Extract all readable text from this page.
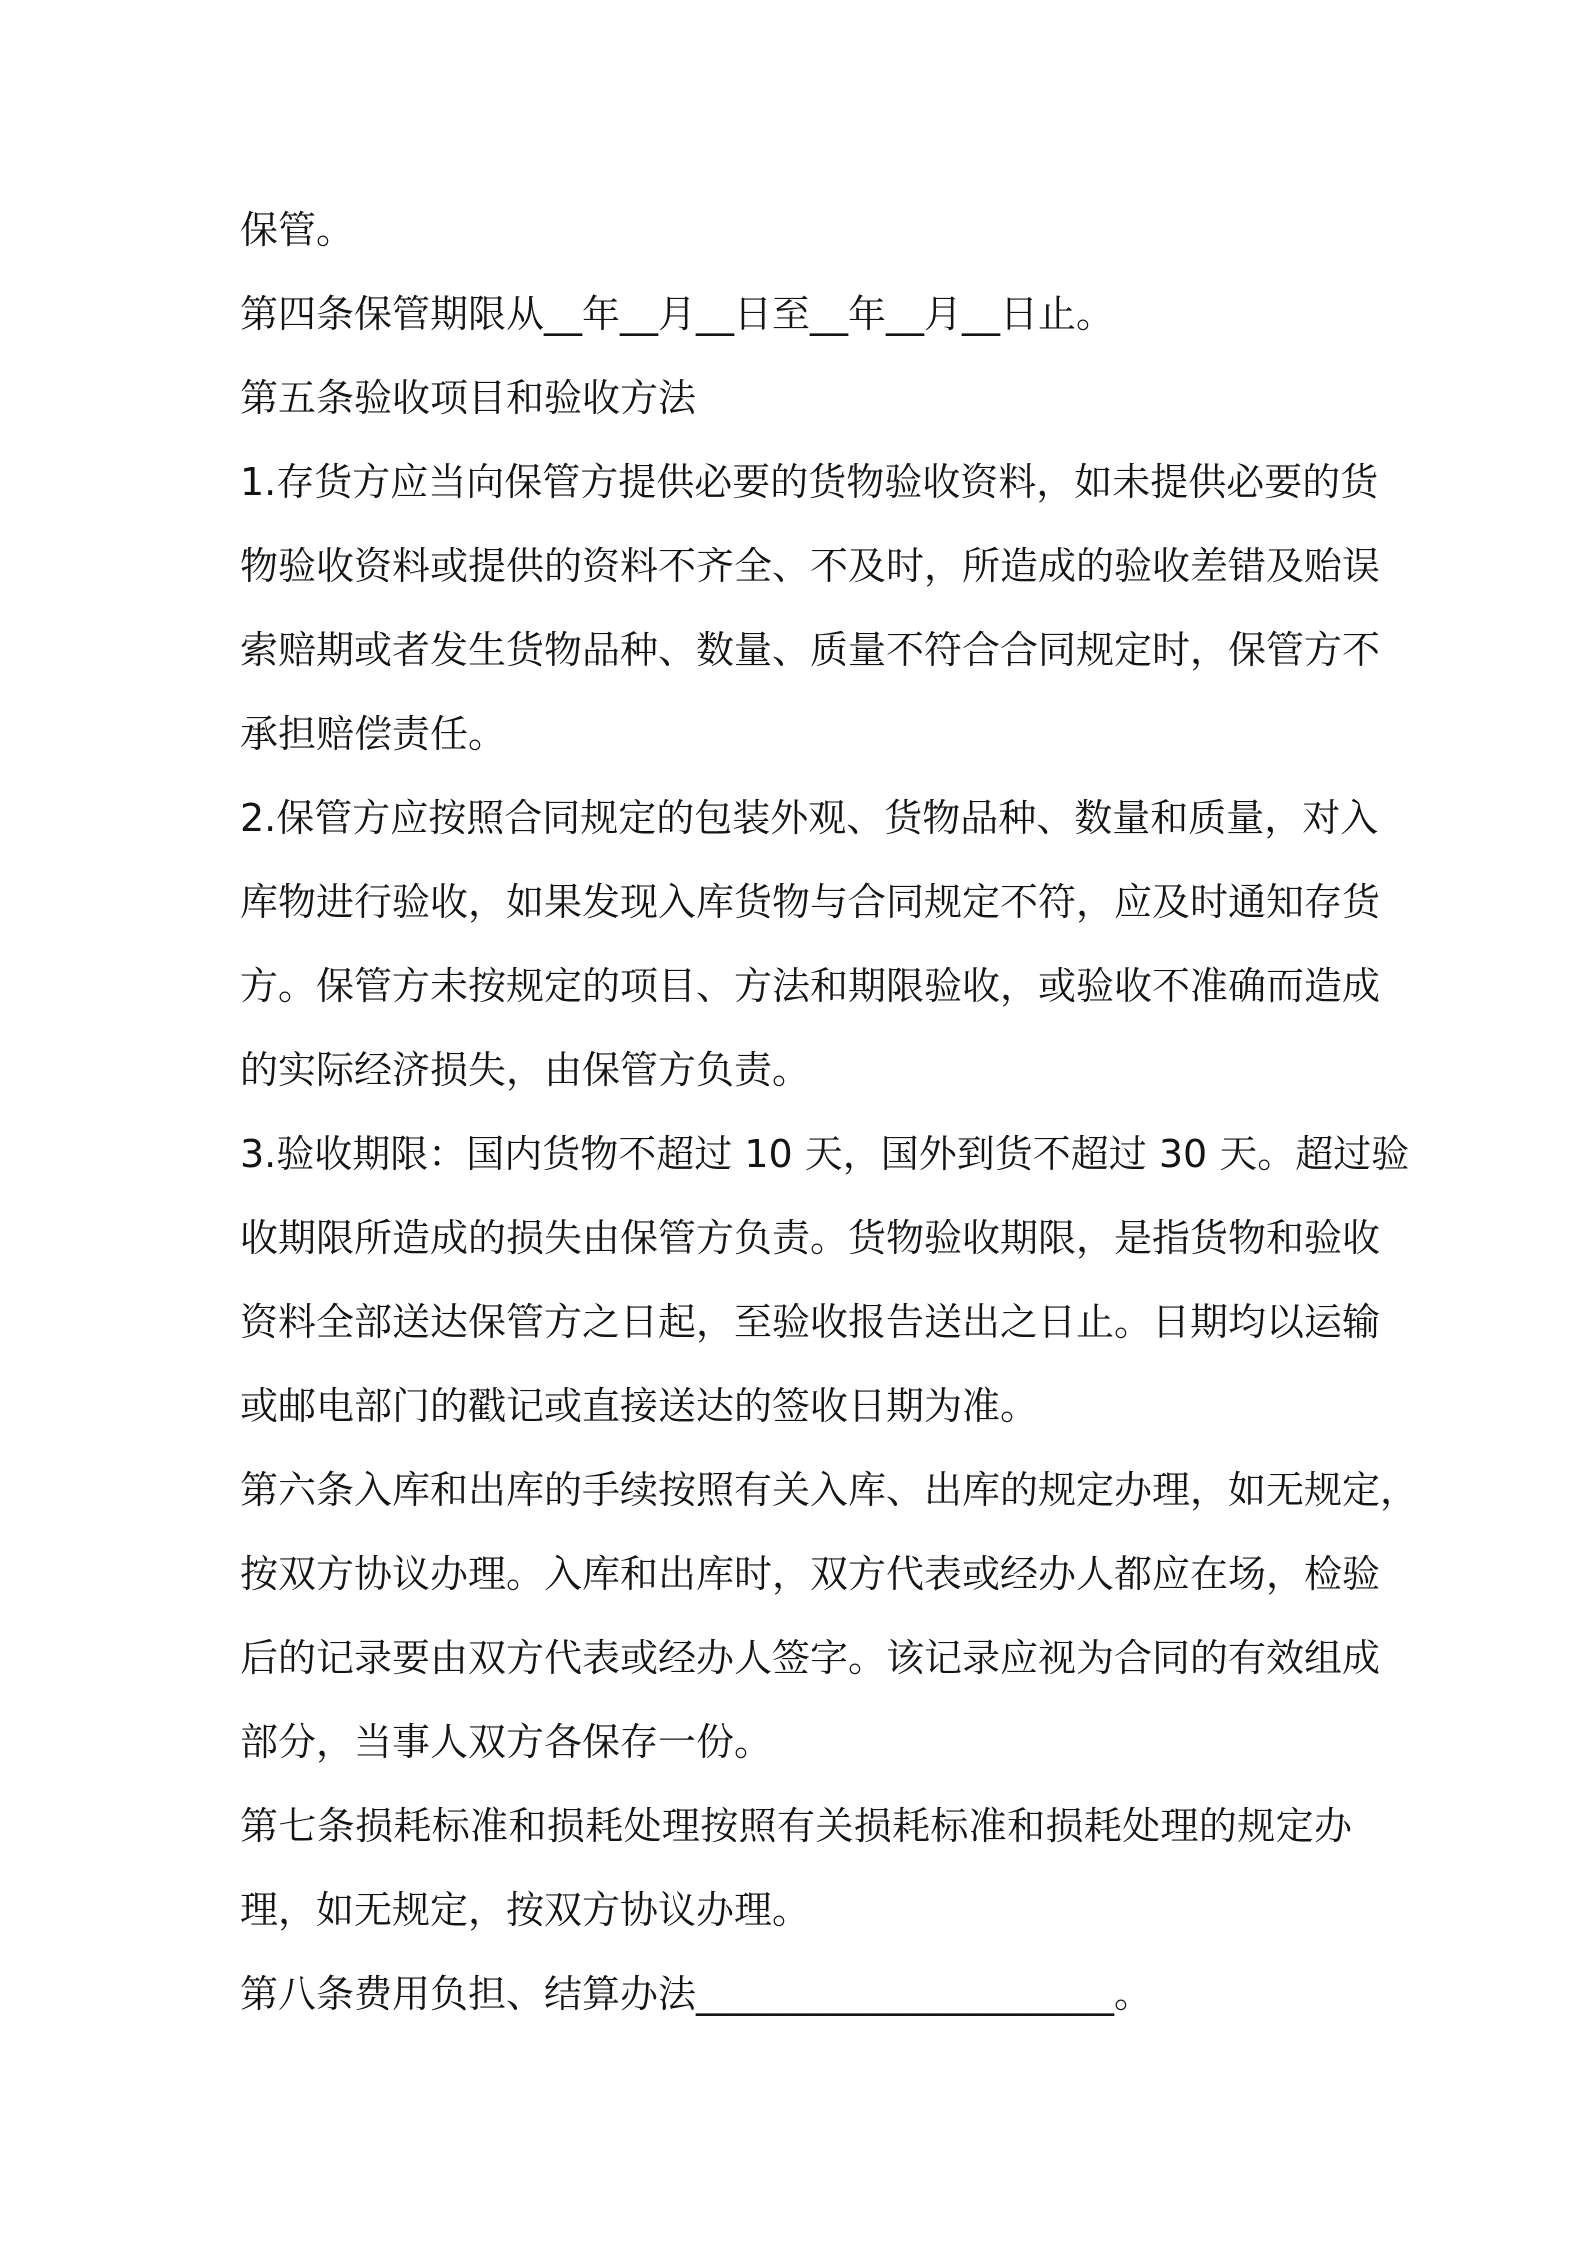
保管。
第四条保管期限从__年__月__日至__年__月__日止。
第五条验收项目和验收方法
1.存货方应当向保管方提供必要的货物验收资料，如未提供必要的货
物验收资料或提供的资料不齐全、不及时，所造成的验收差错及贻误
索赔期或者发生货物品种、数量、质量不符合合同规定时，保管方不
承担赔偿责任。
2.保管方应按照合同规定的包装外观、货物品种、数量和质量，对入
库物进行验收，如果发现入库货物与合同规定不符，应及时通知存货
方。保管方未按规定的项目、方法和期限验收，或验收不准确而造成
的实际经济损失，由保管方负责。
3.验收期限：国内货物不超过 10 天，国外到货不超过 30 天。超过验
收期限所造成的损失由保管方负责。货物验收期限，是指货物和验收
资料全部送达保管方之日起，至验收报告送出之日止。日期均以运输
或邮电部门的戳记或直接送达的签收日期为准。
第六条入库和出库的手续按照有关入库、出库的规定办理，如无规定，
按双方协议办理。入库和出库时，双方代表或经办人都应在场，检验
后的记录要由双方代表或经办人签字。该记录应视为合同的有效组成
部分，当事人双方各保存一份。
第七条损耗标准和损耗处理按照有关损耗标准和损耗处理的规定办
理，如无规定，按双方协议办理。
第八条费用负担、结算办法______________________。
